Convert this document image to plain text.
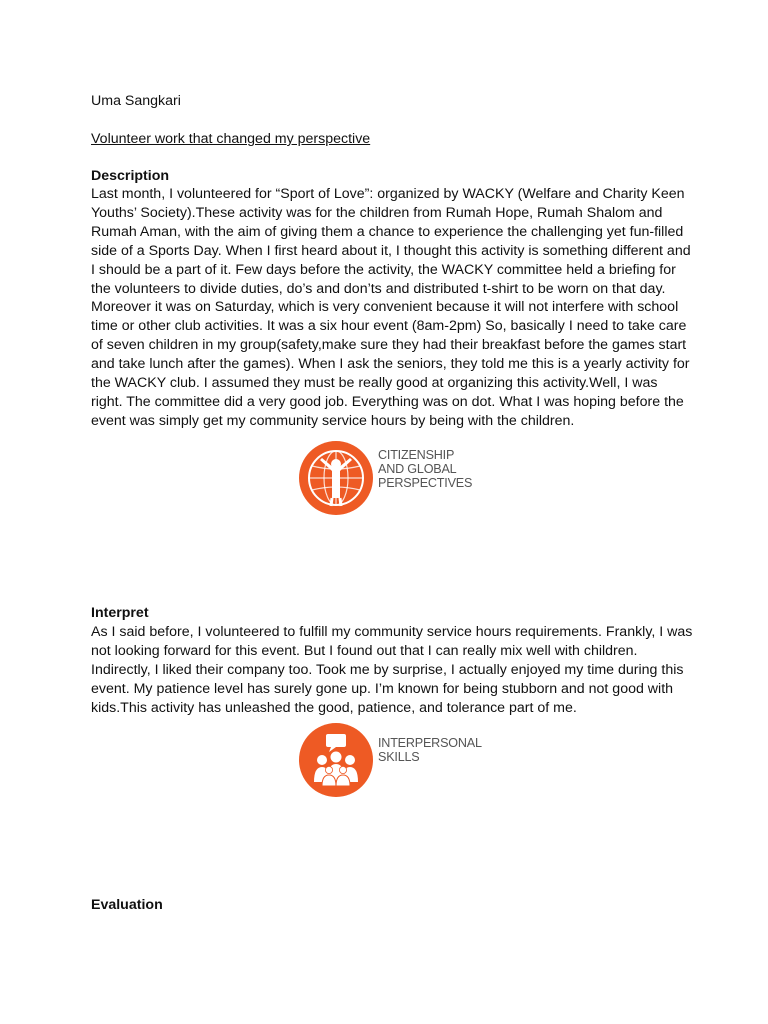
Uma Sangkari
Volunteer work that changed my perspective
Description
Last month, I volunteered for “Sport of Love”: organized by WACKY (Welfare and Charity Keen
Youths’ Society).These activity was for the children from Rumah Hope, Rumah Shalom and
Rumah Aman, with the aim of giving them a chance to experience the challenging yet fun-filled
side of a Sports Day. When I first heard about it, I thought this activity is something different and
I should be a part of it. Few days before the activity, the WACKY committee held a briefing for
the volunteers to divide duties, do’s and don’ts and distributed t-shirt to be worn on that day.
Moreover it was on Saturday, which is very convenient because it will not interfere with school
time or other club activities. It was a six hour event (8am-2pm) So, basically I need to take care
of seven children in my group(safety,make sure they had their breakfast before the games start
and take lunch after the games). When I ask the seniors, they told me this is a yearly activity for
the WACKY club. I assumed they must be really good at organizing this activity.Well, I was
right. The committee did a very good job. Everything was on dot. What I was hoping before the
event was simply get my community service hours by being with the children.
CITIZENSHIP
AND GLOBAL
PERSPECTIVES
Interpret
As I said before, I volunteered to fulfill my community service hours requirements. Frankly, I was
not looking forward for this event. But I found out that I can really mix well with children.
Indirectly, I liked their company too. Took me by surprise, I actually enjoyed my time during this
event. My patience level has surely gone up. I’m known for being stubborn and not good with
kids.This activity has unleashed the good, patience, and tolerance part of me.
INTERPERSONAL
SKILLS
Evaluation
